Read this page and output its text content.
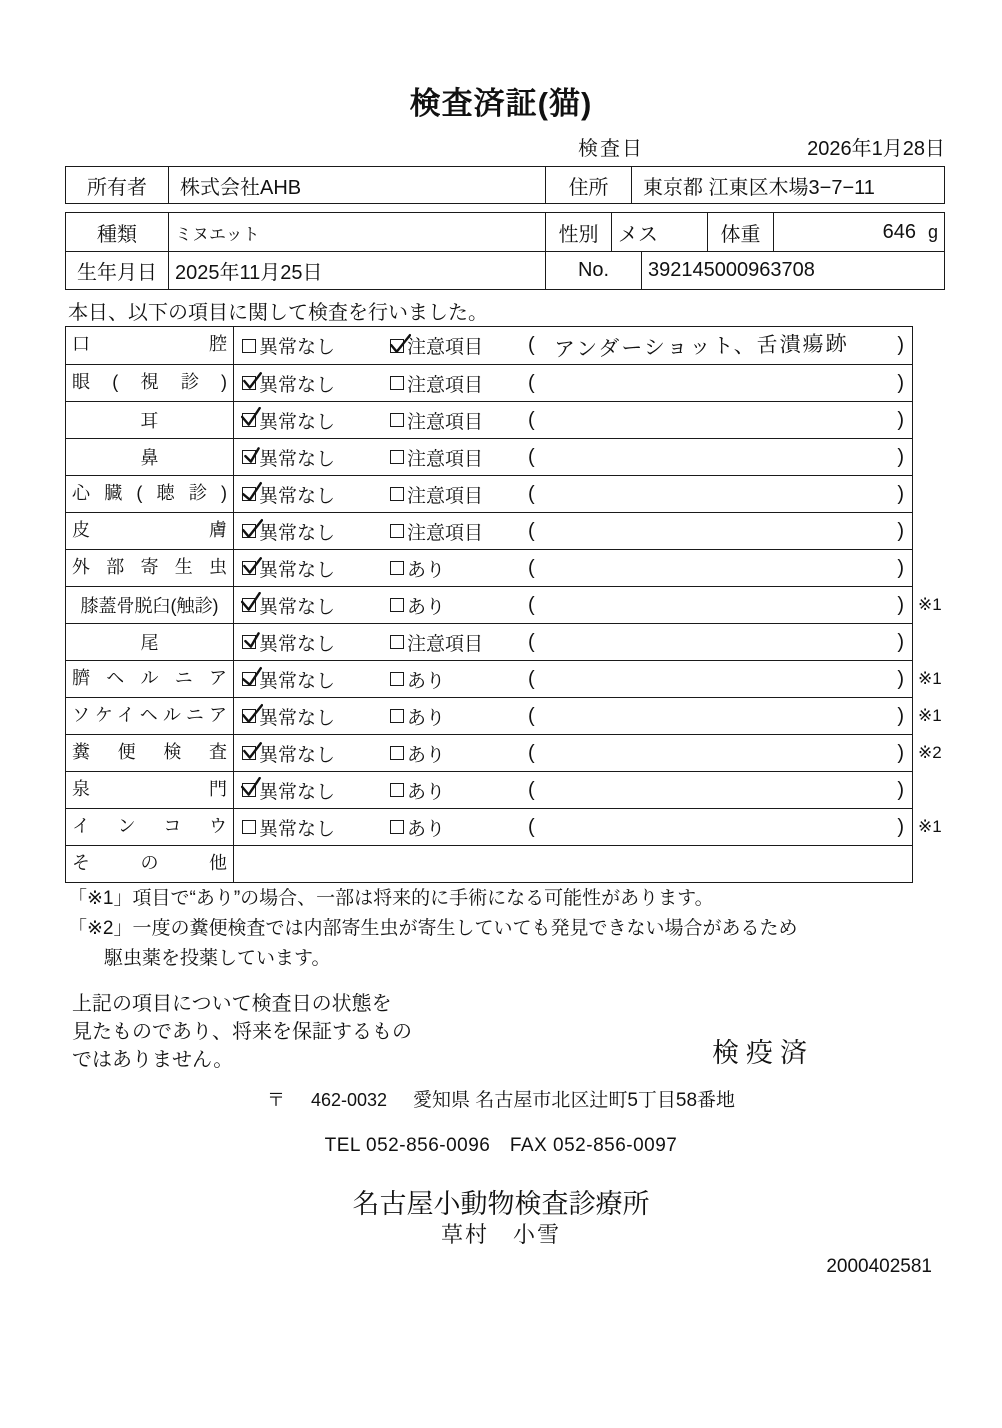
検査済証(猫)
検査日	2026年1月28日
所有者	株式会社AHB	住所	東京都 江東区木場3−7−11
種類	ミヌエット	性別 メス	体重	646 g
生年月日 2025年11月25日	No.	392145000963708
本日、以下の項目に関して検査を行いました。
口腔	異常なし	注意項目 ( アンダーショット、舌潰瘍跡 )
眼(視診)	異常なし	注意項目 (	)
耳	異常なし	注意項目 (	)
鼻	異常なし	注意項目 (	)
心臓(聴診)	異常なし	注意項目 (	)
皮膚	異常なし	注意項目 (	)
外部寄生虫	異常なし	あり	(	)
膝蓋骨脱臼(触診)	異常なし	あり	(	) ※1
尾	異常なし	注意項目 (	)
臍ヘルニア	異常なし	あり	(	) ※1
ソケイヘルニア	異常なし	あり	(	) ※1
糞便検査	異常なし	あり	(	) ※2
泉門	異常なし	あり	(	)
インコウ	異常なし	あり	(	) ※1
その他
「※1」項目で“あり”の場合、一部は将来的に手術になる可能性があります。
「※2」一度の糞便検査では内部寄生虫が寄生していても発見できない場合があるため
駆虫薬を投薬しています。
上記の項目について検査日の状態を
見たものであり、将来を保証するもの
ではありません。	検疫済
〒 462-0032 愛知県 名古屋市北区辻町5丁目58番地
TEL 052-856-0096　FAX 052-856-0097
名古屋小動物検査診療所
草村　小雪
2000402581
